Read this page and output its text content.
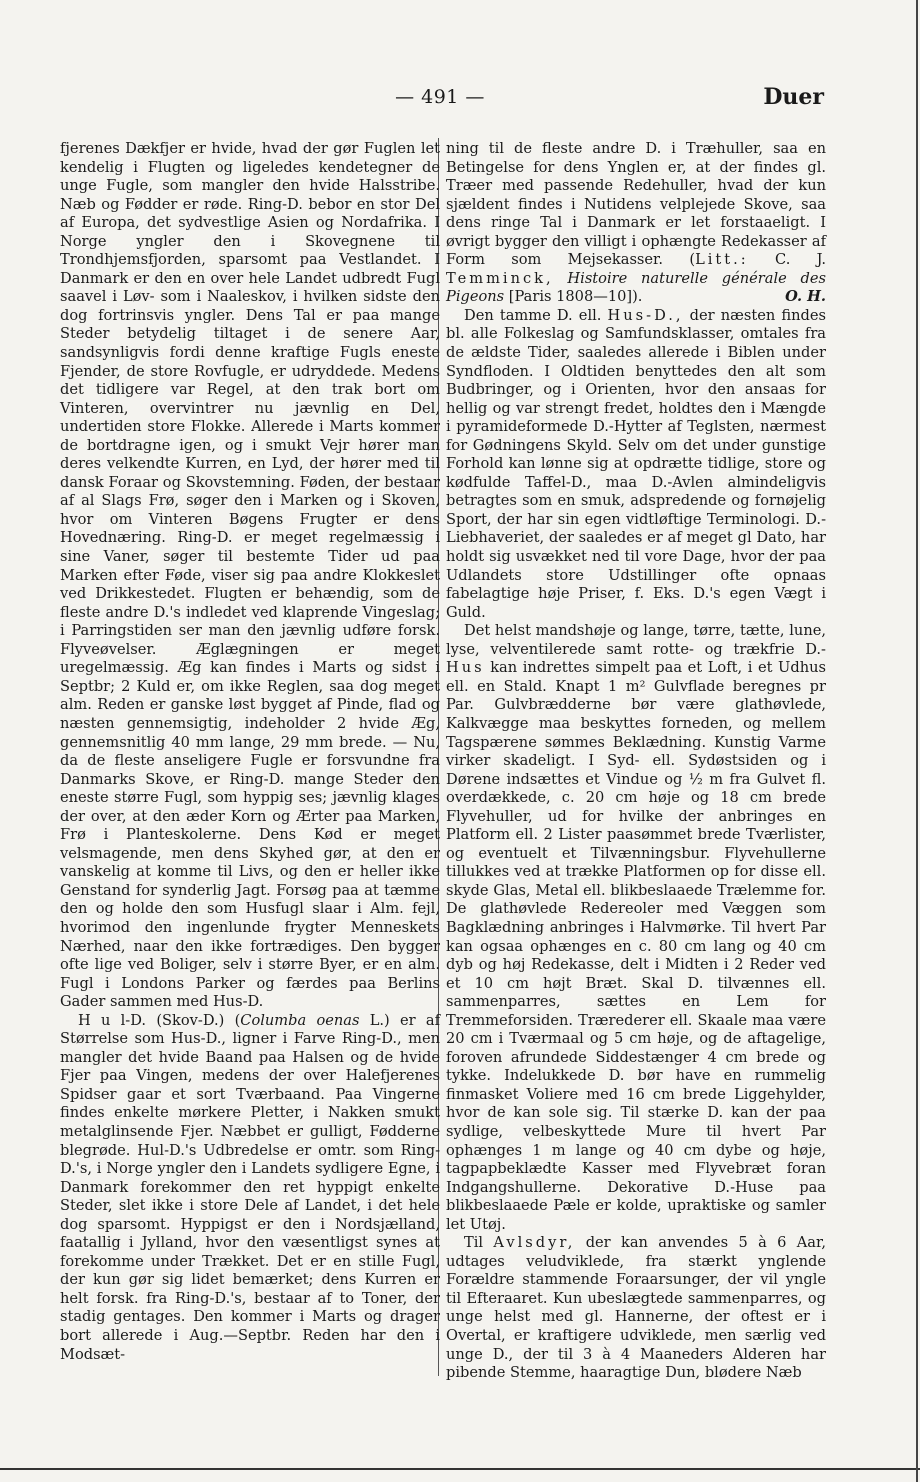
— 491 —	Duer

fjerenes Dækfjer er hvide, hvad der gør Fuglen let kendelig i Flugten og ligeledes kendetegner de unge Fugle, som mangler den hvide Halsstribe. Næb og Fødder er røde. Ring-D. bebor en stor Del af Europa, det sydvestlige Asien og Nordafrika. I Norge yngler den i Skovegnene til Trondhjemsfjorden, sparsomt paa Vestlandet. I Danmark er den en over hele Landet udbredt Fugl saavel i Løv- som i Naaleskov, i hvilken sidste den dog fortrinsvis yngler. Dens Tal er paa mange Steder betydelig tiltaget i de senere Aar, sandsynligvis fordi denne kraftige Fugls eneste Fjender, de store Rovfugle, er udryddede. Medens det tidligere var Regel, at den trak bort om Vinteren, overvintrer nu jævnlig en Del, undertiden store Flokke. Allerede i Marts kommer de bortdragne igen, og i smukt Vejr hører man deres velkendte Kurren, en Lyd, der hører med til dansk Foraar og Skovstemning. Føden, der bestaar af al Slags Frø, søger den i Marken og i Skoven, hvor om Vinteren Bøgens Frugter er dens Hovednæring. Ring-D. er meget regelmæssig i sine Vaner, søger til bestemte Tider ud paa Marken efter Føde, viser sig paa andre Klokkeslet ved Drikkestedet. Flugten er behændig, som de fleste andre D.'s indledet ved klaprende Vingeslag; i Parringstiden ser man den jævnlig udføre forsk. Flyveøvelser. Æglægningen er meget uregelmæssig. Æg kan findes i Marts og sidst i Septbr; 2 Kuld er, om ikke Reglen, saa dog meget alm. Reden er ganske løst bygget af Pinde, flad og næsten gennemsigtig, indeholder 2 hvide Æg, gennemsnitlig 40 mm lange, 29 mm brede. — Nu, da de fleste anseligere Fugle er forsvundne fra Danmarks Skove, er Ring-D. mange Steder den eneste større Fugl, som hyppig ses; jævnlig klages der over, at den æder Korn og Ærter paa Marken, Frø i Planteskolerne. Dens Kød er meget velsmagende, men dens Skyhed gør, at den er vanskelig at komme til Livs, og den er heller ikke Genstand for synderlig Jagt. Forsøg paa at tæmme den og holde den som Husfugl slaar i Alm. fejl, hvorimod den ingenlunde frygter Menneskets Nærhed, naar den ikke fortrædiges. Den bygger ofte lige ved Boliger, selv i større Byer, er en alm. Fugl i Londons Parker og færdes paa Berlins Gader sammen med Hus-D.

H u l-D. (Skov-D.) (Columba oenas L.) er af Størrelse som Hus-D., ligner i Farve Ring-D., men mangler det hvide Baand paa Halsen og de hvide Fjer paa Vingen, medens der over Halefjerenes Spidser gaar et sort Tværbaand. Paa Vingerne findes enkelte mørkere Pletter, i Nakken smukt metalglinsende Fjer. Næbbet er gulligt, Fødderne blegrøde. Hul-D.'s Udbredelse er omtr. som Ring-D.'s, i Norge yngler den i Landets sydligere Egne, i Danmark forekommer den ret hyppigt enkelte Steder, slet ikke i store Dele af Landet, i det hele dog sparsomt. Hyppigst er den i Nordsjælland, faatallig i Jylland, hvor den væsentligst synes at forekomme under Trækket. Det er en stille Fugl, der kun gør sig lidet bemærket; dens Kurren er helt forsk. fra Ring-D.'s, bestaar af to Toner, der stadig gentages. Den kommer i Marts og drager bort allerede i Aug.—Septbr. Reden har den i Modsæt-

ning til de fleste andre D. i Træhuller, saa en Betingelse for dens Ynglen er, at der findes gl. Træer med passende Redehuller, hvad der kun sjældent findes i Nutidens velplejede Skove, saa dens ringe Tal i Danmark er let forstaaeligt. I øvrigt bygger den villigt i ophængte Redekasser af Form som Mejsekasser. (Litt.: C. J. Temminck, Histoire naturelle générale des Pigeons [Paris 1808—10]).	O. H.

Den tamme D. ell. Hus-D., der næsten findes bl. alle Folkeslag og Samfundsklasser, omtales fra de ældste Tider, saaledes allerede i Biblen under Syndfloden. I Oldtiden benyttedes den alt som Budbringer, og i Orienten, hvor den ansaas for hellig og var strengt fredet, holdtes den i Mængde i pyramideformede D.-Hytter af Teglsten, nærmest for Gødningens Skyld. Selv om det under gunstige Forhold kan lønne sig at opdrætte tidlige, store og kødfulde Taffel-D., maa D.-Avlen almindeligvis betragtes som en smuk, adspredende og fornøjelig Sport, der har sin egen vidtløftige Terminologi. D.-Liebhaveriet, der saaledes er af meget gl Dato, har holdt sig usvækket ned til vore Dage, hvor der paa Udlandets store Udstillinger ofte opnaas fabelagtige høje Priser, f. Eks. D.'s egen Vægt i Guld.

Det helst mandshøje og lange, tørre, tætte, lune, lyse, velventilerede samt rotte- og trækfrie D.-Hus kan indrettes simpelt paa et Loft, i et Udhus ell. en Stald. Knapt 1 m² Gulvflade beregnes pr Par. Gulvbrædderne bør være glathøvlede, Kalkvægge maa beskyttes forneden, og mellem Tagspærene sømmes Beklædning. Kunstig Varme virker skadeligt. I Syd- ell. Sydøstsiden og i Dørene indsættes et Vindue og ½ m fra Gulvet fl. overdækkede, c. 20 cm høje og 18 cm brede Flyvehuller, ud for hvilke der anbringes en Platform ell. 2 Lister paasømmet brede Tværlister, og eventuelt et Tilvænningsbur. Flyvehullerne tillukkes ved at trække Platformen op for disse ell. skyde Glas, Metal ell. blikbeslaaede Trælemme for. De glathøvlede Redereoler med Væggen som Bagklædning anbringes i Halvmørke. Til hvert Par kan ogsaa ophænges en c. 80 cm lang og 40 cm dyb og høj Redekasse, delt i Midten i 2 Reder ved et 10 cm højt Bræt. Skal D. tilvænnes ell. sammenparres, sættes en Lem for Tremmeforsiden. Trærederer ell. Skaale maa være 20 cm i Tværmaal og 5 cm høje, og de aftagelige, foroven afrundede Siddestænger 4 cm brede og tykke. Indelukkede D. bør have en rummelig finmasket Voliere med 16 cm brede Liggehylder, hvor de kan sole sig. Til stærke D. kan der paa sydlige, velbeskyttede Mure til hvert Par ophænges 1 m lange og 40 cm dybe og høje, tagpapbeklædte Kasser med Flyvebræt foran Indgangshullerne. Dekorative D.-Huse paa blikbeslaaede Pæle er kolde, upraktiske og samler let Utøj.

Til Avlsdyr, der kan anvendes 5 à 6 Aar, udtages veludviklede, fra stærkt ynglende Forældre stammende Foraarsunger, der vil yngle til Efteraaret. Kun ubeslægtede sammenparres, og unge helst med gl. Hannerne, der oftest er i Overtal, er kraftigere udviklede, men særlig ved unge D., der til 3 à 4 Maaneders Alderen har pibende Stemme, haaragtige Dun, blødere Næb
